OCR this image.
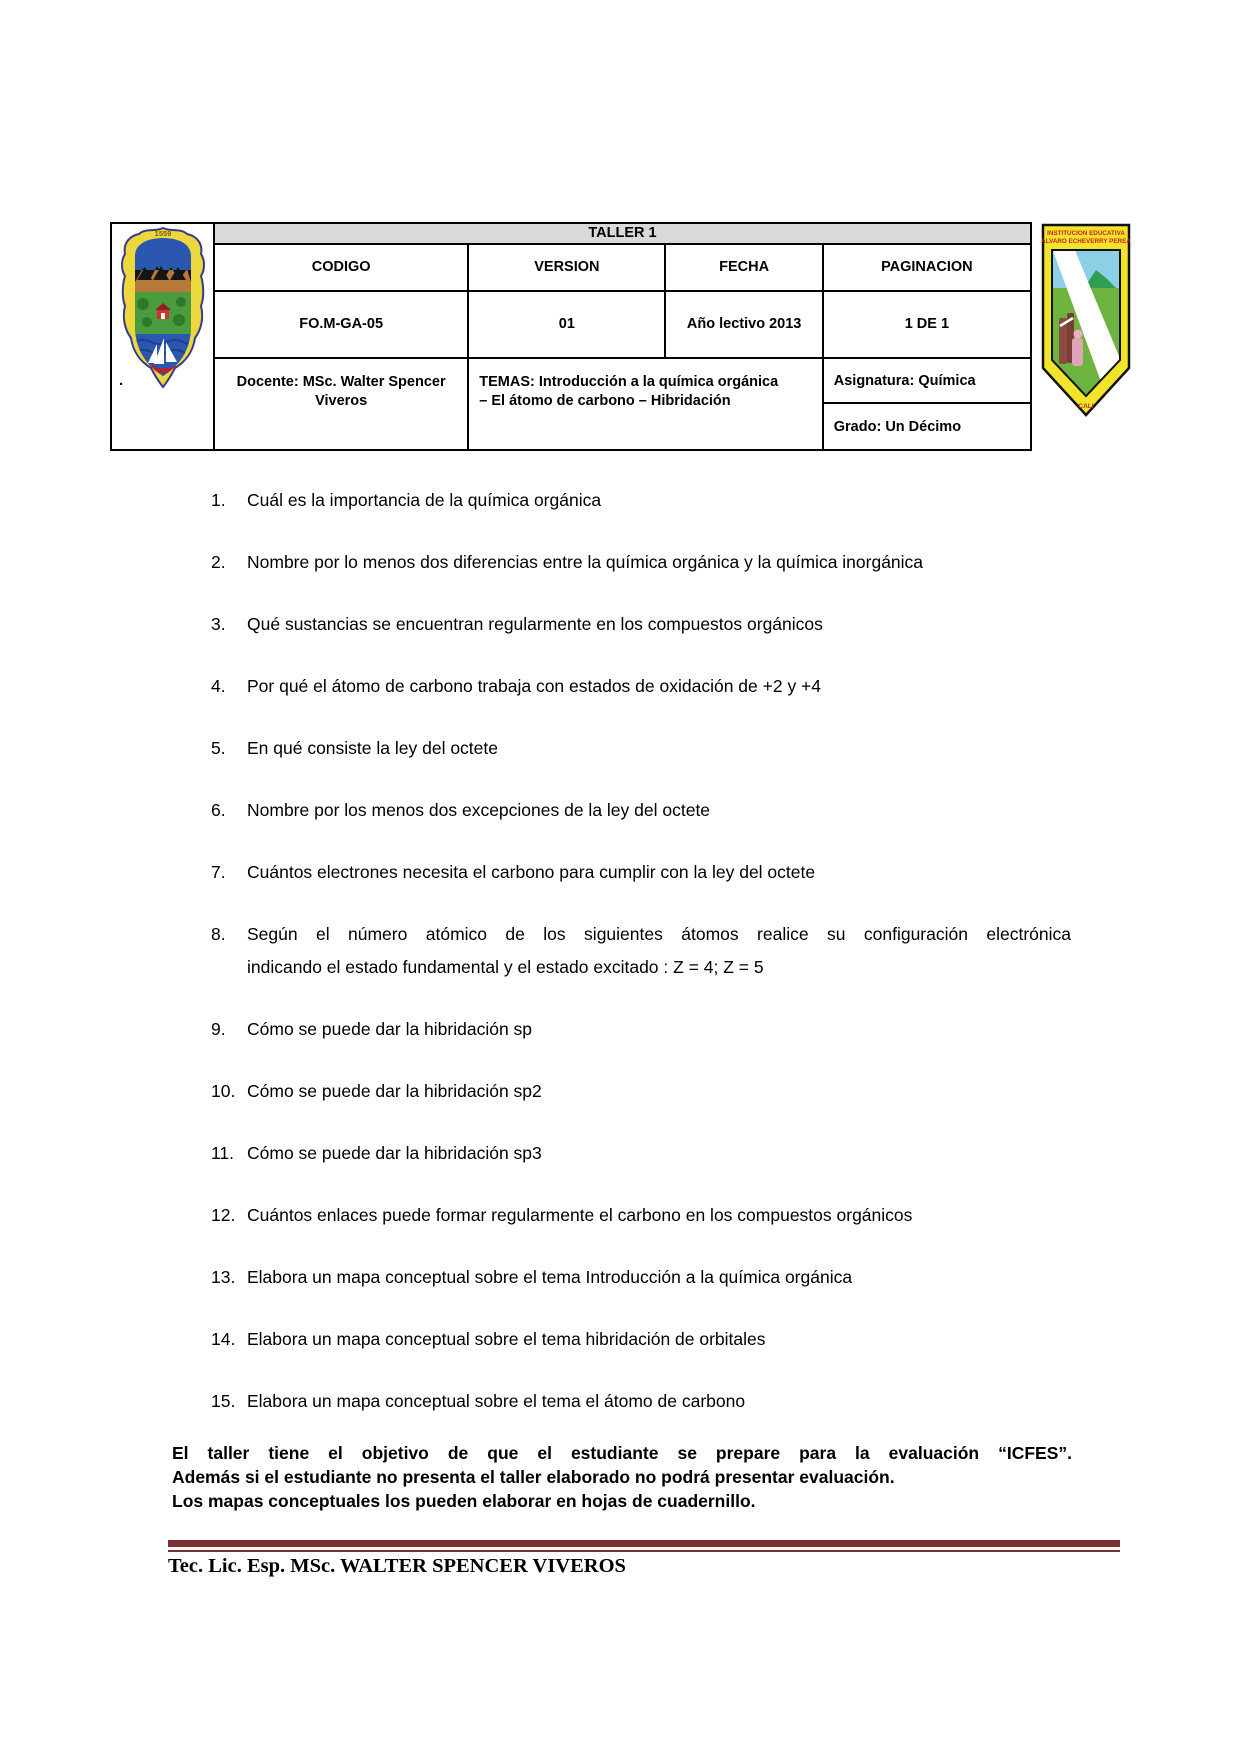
1559
.
TALLER 1
CODIGO	VERSION	FECHA	PAGINACION
FO.M-GA-05	01	Año lectivo 2013	1 DE 1
Docente: MSc. Walter Spencer Viveros
TEMAS: Introducción a la química orgánica
– El átomo de carbono – Hibridación
Asignatura: Química
Grado: Un Décimo
INSTITUCION EDUCATIVA
ALVARO ECHEVERRY PEREA
CALI
1.	Cuál es la importancia de la química orgánica
2.	Nombre por lo menos dos diferencias entre la química orgánica y la química inorgánica
3.	Qué sustancias se encuentran regularmente en los compuestos orgánicos
4.	Por qué el átomo de carbono trabaja con estados de oxidación de +2 y +4
5.	En qué consiste la ley del octete
6.	Nombre por los menos dos excepciones de la ley del octete
7.	Cuántos electrones necesita el carbono para cumplir con la ley del octete
8.	Según el número atómico de los siguientes átomos realice su configuración electrónica
indicando el estado fundamental y el estado excitado : Z = 4; Z = 5
9.	Cómo se puede dar la hibridación sp
10. Cómo se puede dar la hibridación sp2
11. Cómo se puede dar la hibridación sp3
12. Cuántos enlaces puede formar regularmente el carbono en los compuestos orgánicos
13. Elabora un mapa conceptual sobre el tema Introducción a la química orgánica
14. Elabora un mapa conceptual sobre el tema hibridación de orbitales
15. Elabora un mapa conceptual sobre el tema el átomo de carbono
El taller tiene el objetivo de que el estudiante se prepare para la evaluación “ICFES”.
Además si el estudiante no presenta el taller elaborado no podrá presentar evaluación.
Los mapas conceptuales los pueden elaborar en hojas de cuadernillo.
Tec. Lic. Esp. MSc. WALTER SPENCER VIVEROS
